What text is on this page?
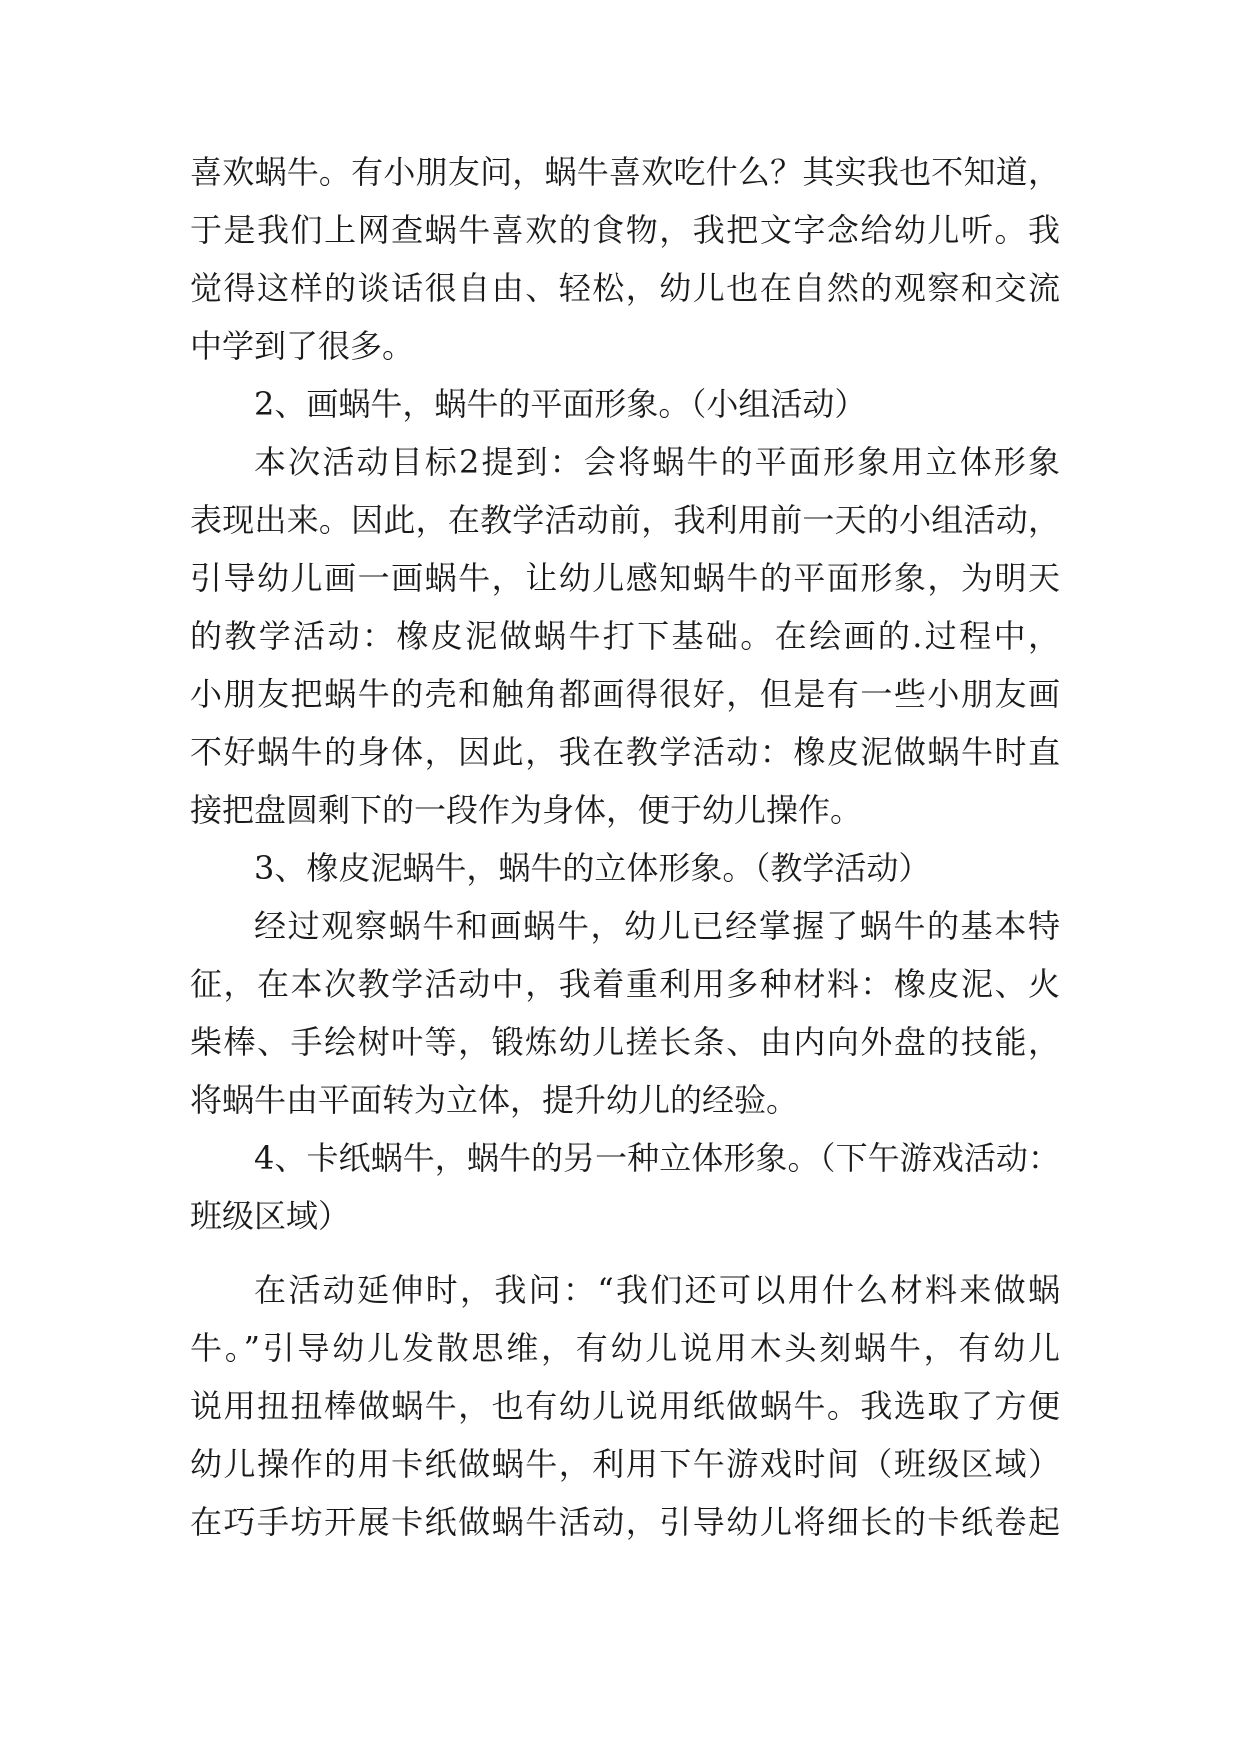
喜欢蜗牛。有小朋友问，蜗牛喜欢吃什么？其实我也不知道，
于是我们上网查蜗牛喜欢的食物，我把文字念给幼儿听。我
觉得这样的谈话很自由、轻松，幼儿也在自然的观察和交流
中学到了很多。
2、画蜗牛，蜗牛的平面形象。（小组活动）
本次活动目标2提到：会将蜗牛的平面形象用立体形象
表现出来。因此，在教学活动前，我利用前一天的小组活动，
引导幼儿画一画蜗牛，让幼儿感知蜗牛的平面形象，为明天
的教学活动：橡皮泥做蜗牛打下基础。在绘画的.过程中，
小朋友把蜗牛的壳和触角都画得很好，但是有一些小朋友画
不好蜗牛的身体，因此，我在教学活动：橡皮泥做蜗牛时直
接把盘圆剩下的一段作为身体，便于幼儿操作。
3、橡皮泥蜗牛，蜗牛的立体形象。（教学活动）
经过观察蜗牛和画蜗牛，幼儿已经掌握了蜗牛的基本特
征，在本次教学活动中，我着重利用多种材料：橡皮泥、火
柴棒、手绘树叶等，锻炼幼儿搓长条、由内向外盘的技能，
将蜗牛由平面转为立体，提升幼儿的经验。
4、卡纸蜗牛，蜗牛的另一种立体形象。（下午游戏活动：
班级区域）
在活动延伸时，我问：“我们还可以用什么材料来做蜗
牛。”引导幼儿发散思维，有幼儿说用木头刻蜗牛，有幼儿
说用扭扭棒做蜗牛，也有幼儿说用纸做蜗牛。我选取了方便
幼儿操作的用卡纸做蜗牛，利用下午游戏时间（班级区域）
在巧手坊开展卡纸做蜗牛活动，引导幼儿将细长的卡纸卷起
